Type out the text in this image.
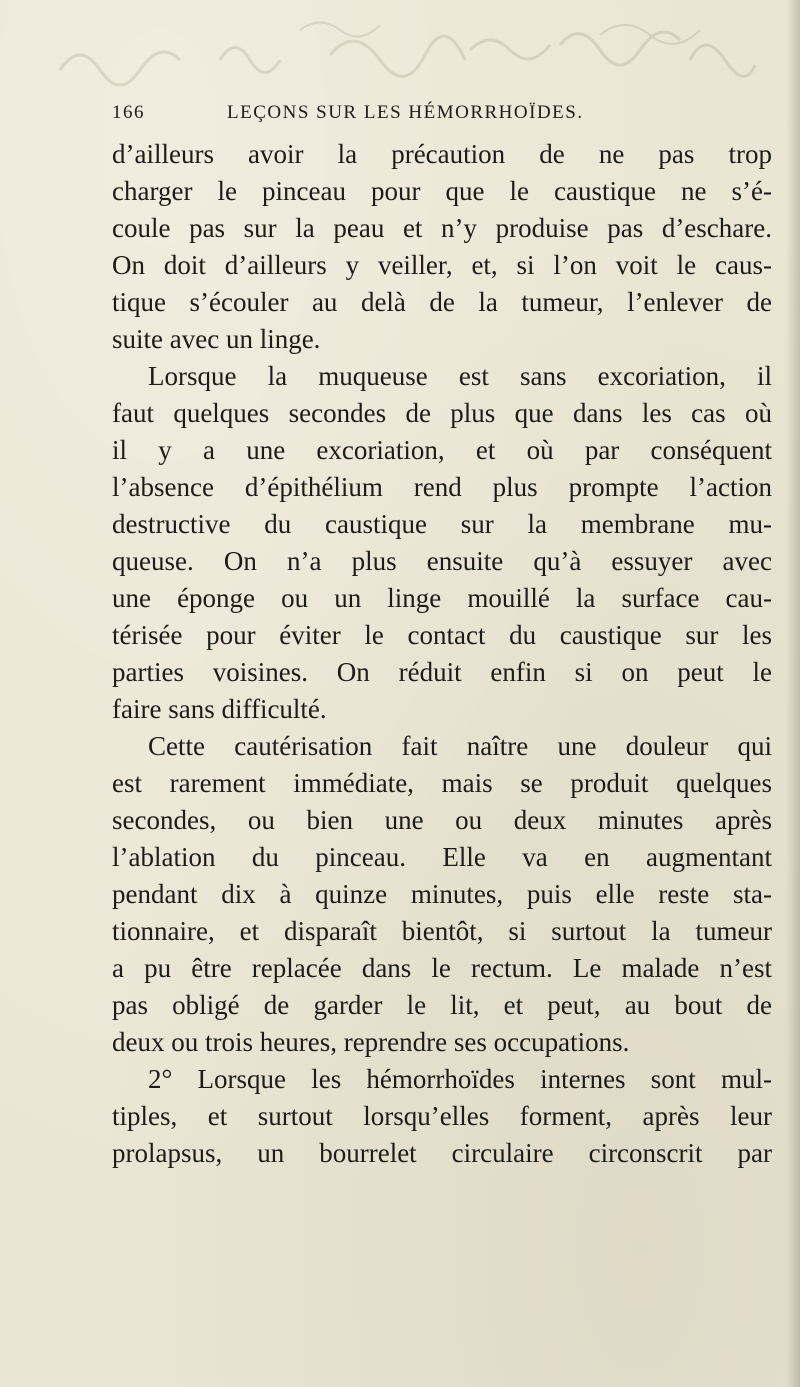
166	LEÇONS SUR LES HÉMORRHOÏDES.
d’ailleurs avoir la précaution de ne pas trop
charger le pinceau pour que le caustique ne s’é-
coule pas sur la peau et n’y produise pas d’eschare.
On doit d’ailleurs y veiller, et, si l’on voit le caus-
tique s’écouler au delà de la tumeur, l’enlever de
suite avec un linge.
Lorsque la muqueuse est sans excoriation, il
faut quelques secondes de plus que dans les cas où
il y a une excoriation, et où par conséquent
l’absence d’épithélium rend plus prompte l’action
destructive du caustique sur la membrane mu-
queuse. On n’a plus ensuite qu’à essuyer avec
une éponge ou un linge mouillé la surface cau-
térisée pour éviter le contact du caustique sur les
parties voisines. On réduit enfin si on peut le
faire sans difficulté.
Cette cautérisation fait naître une douleur qui
est rarement immédiate, mais se produit quelques
secondes, ou bien une ou deux minutes après
l’ablation du pinceau. Elle va en augmentant
pendant dix à quinze minutes, puis elle reste sta-
tionnaire, et disparaît bientôt, si surtout la tumeur
a pu être replacée dans le rectum. Le malade n’est
pas obligé de garder le lit, et peut, au bout de
deux ou trois heures, reprendre ses occupations.
2° Lorsque les hémorrhoïdes internes sont mul-
tiples, et surtout lorsqu’elles forment, après leur
prolapsus, un bourrelet circulaire circonscrit par
